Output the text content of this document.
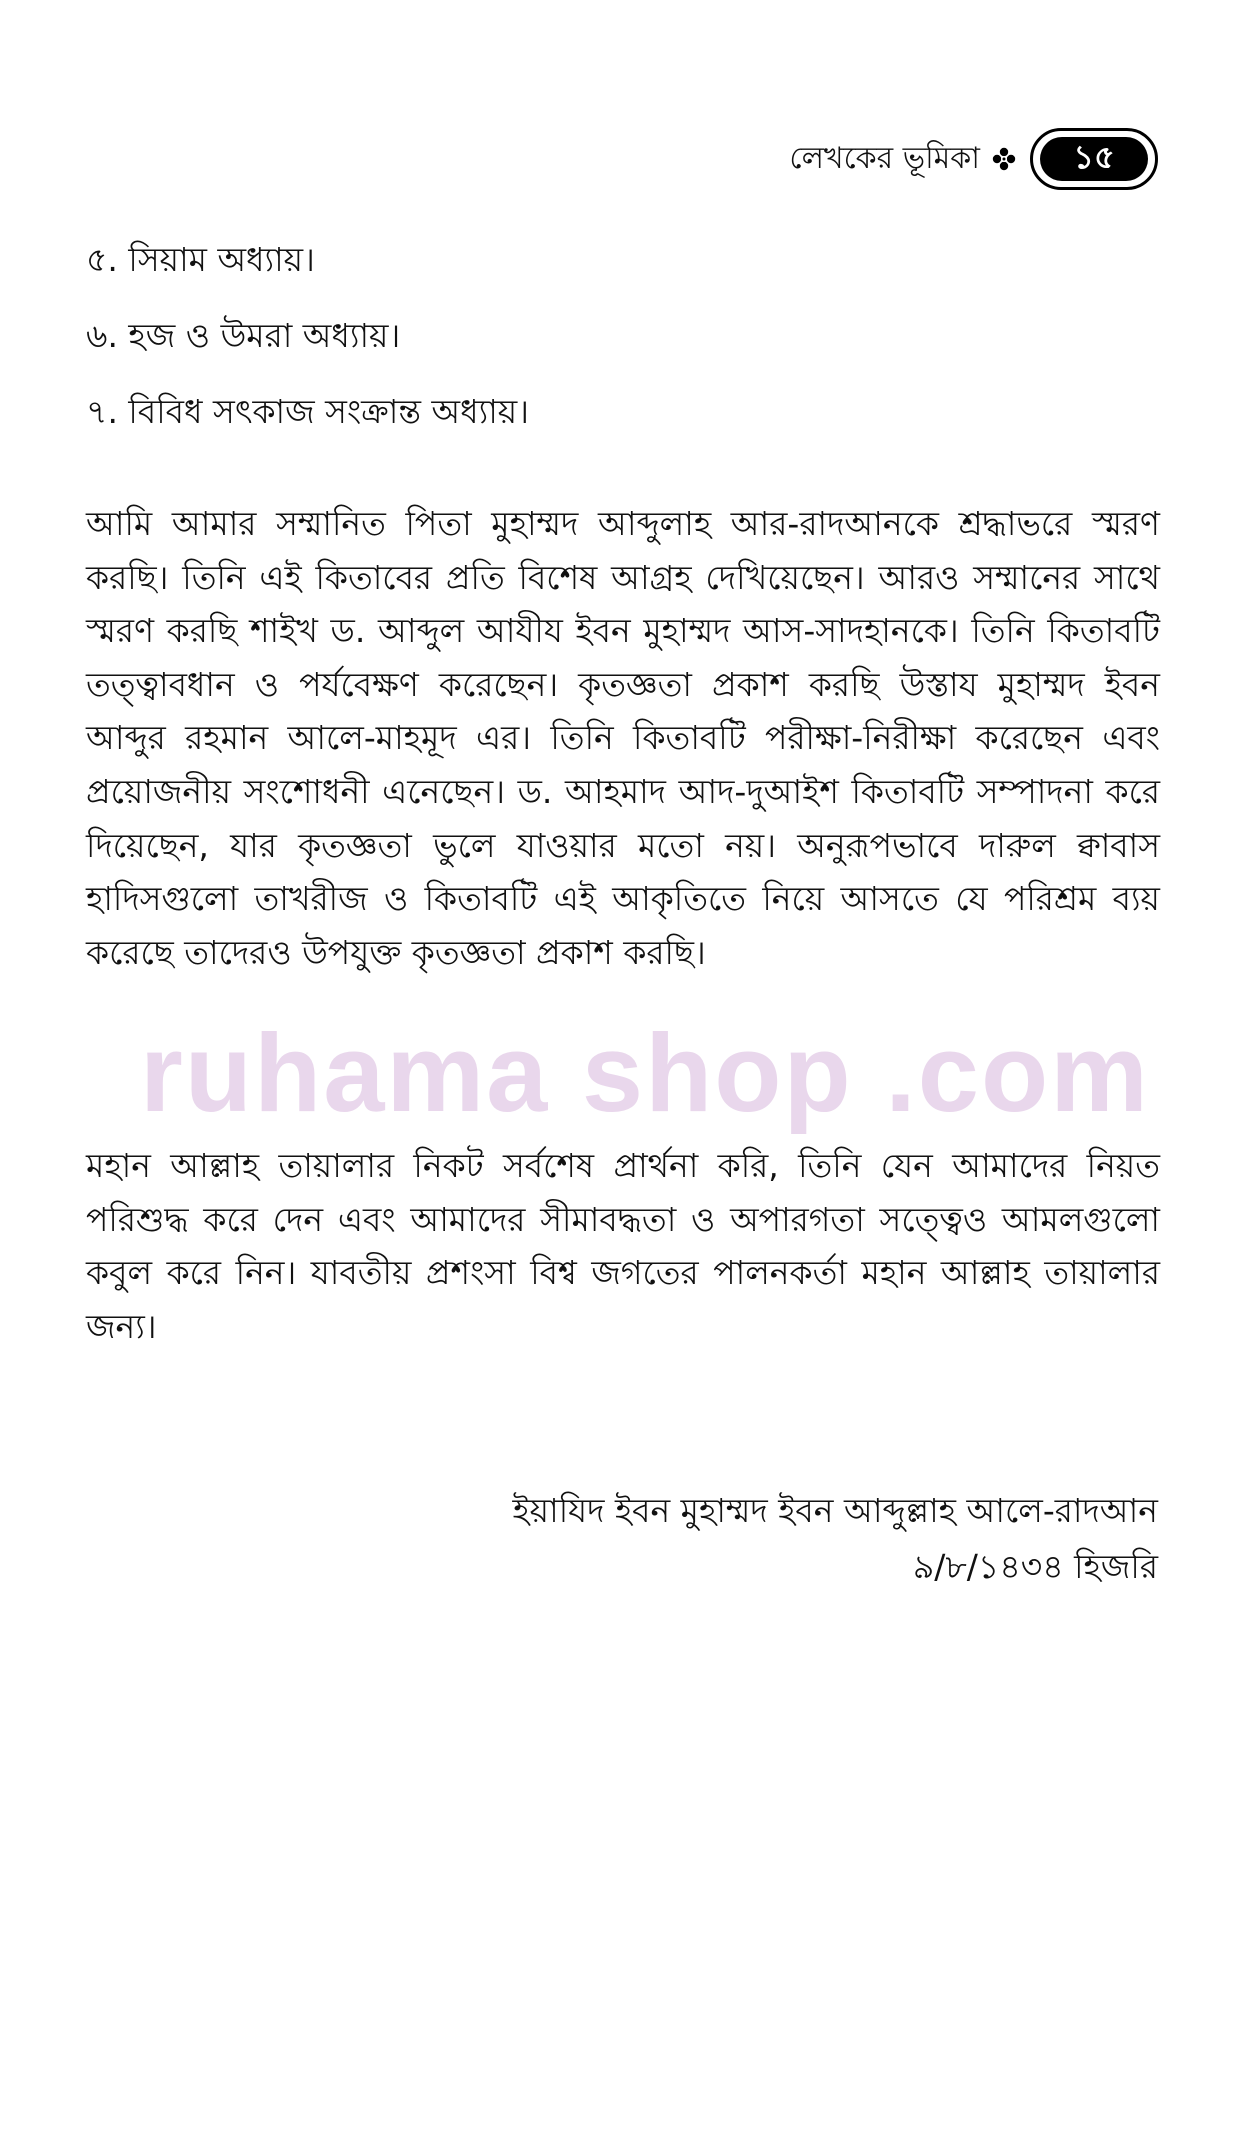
ruhama shop .com
লেখকের ভূমিকা	১৫
৫. সিয়াম অধ্যায়।
৬. হজ ও উমরা অধ্যায়।
৭. বিবিধ সৎকাজ সংক্রান্ত অধ্যায়।
আমি আমার সম্মানিত পিতা মুহাম্মদ আব্দুলাহ আর-রাদআনকে শ্রদ্ধাভরে স্মরণ করছি। তিনি এই কিতাবের প্রতি বিশেষ আগ্রহ দেখিয়েছেন। আরও সম্মানের সাথে স্মরণ করছি শাইখ ড. আব্দুল আযীয ইবন মুহাম্মদ আস-সাদহানকে। তিনি কিতাবটি তত্ত্বাবধান ও পর্যবেক্ষণ করেছেন। কৃতজ্ঞতা প্রকাশ করছি উস্তায মুহাম্মদ ইবন আব্দুর রহমান আলে-মাহমূদ এর। তিনি কিতাবটি পরীক্ষা-নিরীক্ষা করেছেন এবং প্রয়োজনীয় সংশোধনী এনেছেন। ড. আহমাদ আদ-দুআইশ কিতাবটি সম্পাদনা করে দিয়েছেন, যার কৃতজ্ঞতা ভুলে যাওয়ার মতো নয়। অনুরূপভাবে দারুল ক্বাবাস হাদিসগুলো তাখরীজ ও কিতাবটি এই আকৃতিতে নিয়ে আসতে যে পরিশ্রম ব্যয় করেছে তাদেরও উপযুক্ত কৃতজ্ঞতা প্রকাশ করছি।
মহান আল্লাহ তায়ালার নিকট সর্বশেষ প্রার্থনা করি, তিনি যেন আমাদের নিয়ত পরিশুদ্ধ করে দেন এবং আমাদের সীমাবদ্ধতা ও অপারগতা সত্ত্বেও আমলগুলো কবুল করে নিন। যাবতীয় প্রশংসা বিশ্ব জগতের পালনকর্তা মহান আল্লাহ তায়ালার জন্য।
ইয়াযিদ ইবন মুহাম্মদ ইবন আব্দুল্লাহ আলে-রাদআন
৯/৮/১৪৩৪ হিজরি
